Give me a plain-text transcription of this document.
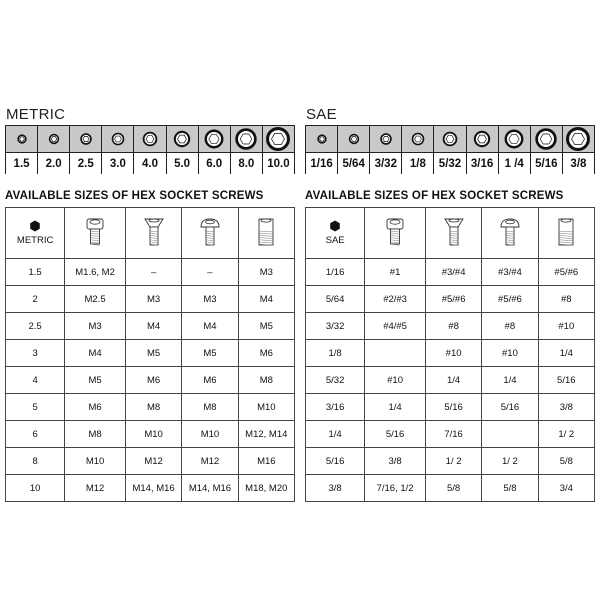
METRIC
1.5 2.0 2.5 3.0 4.0 5.0 6.0 8.0 10.0
AVAILABLE SIZES OF HEX SOCKET SCREWS
METRIC

1.5	M1.6, M2	–	–	M3
2	M2.5	M3	M3	M4
2.5	M3	M4	M4	M5
3	M4	M5	M5	M6
4	M5	M6	M6	M8
5	M6	M8	M8	M10
6	M8	M10	M10	M12, M14
8	M10	M12	M12	M16
10	M12	M14, M16	M14, M16	M18, M20
SAE
1/16 5/64 3/32 1/8 5/32 3/16 1 /4 5/16 3/8
AVAILABLE SIZES OF HEX SOCKET SCREWS
SAE

1/16	#1	#3/#4	#3/#4	#5/#6
5/64	#2/#3	#5/#6	#5/#6	#8
3/32	#4/#5	#8	#8	#10
1/8		#10	#10	1/4
5/32	#10	1/4	1/4	5/16
3/16	1/4	5/16	5/16	3/8
1/4	5/16	7/16		1/ 2
5/16	3/8	1/ 2	1/ 2	5/8
3/8	7/16, 1/2	5/8	5/8	3/4
